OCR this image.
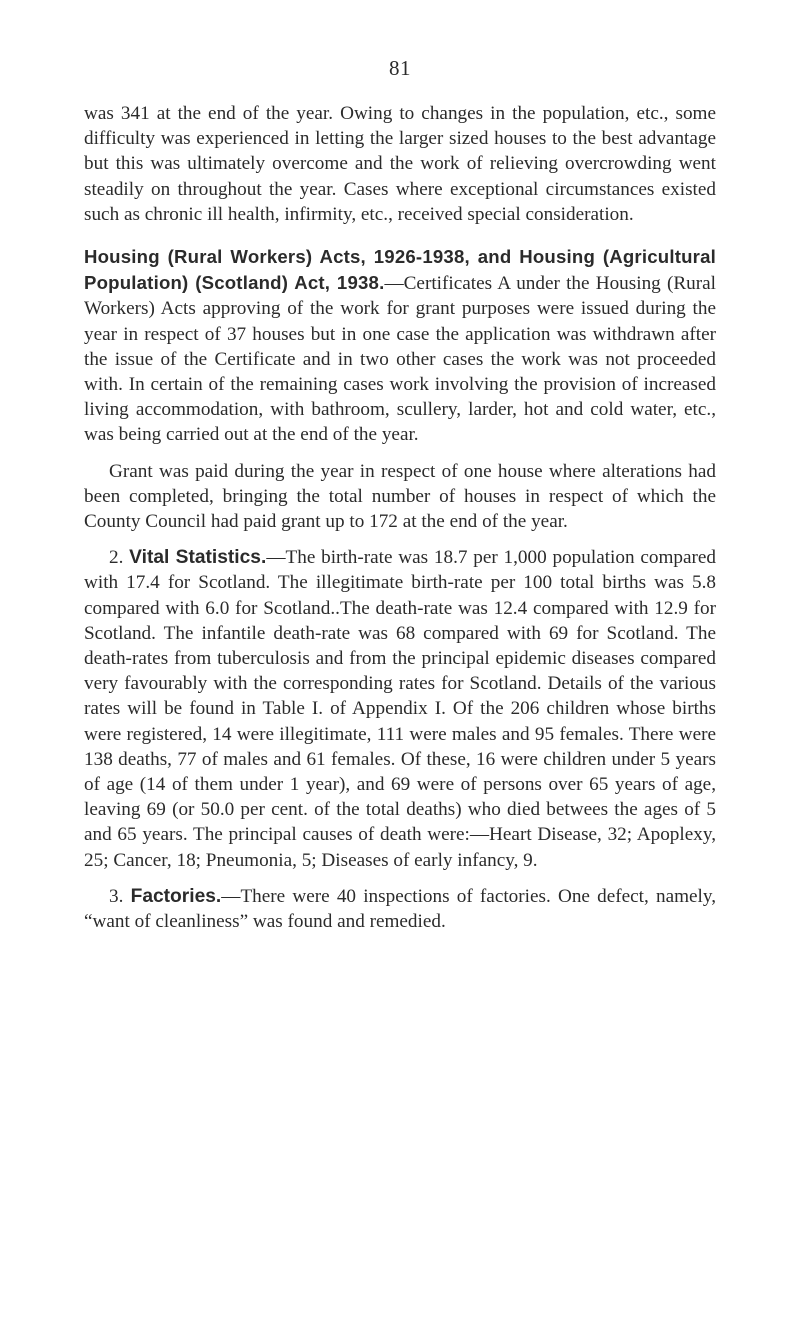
81

was 341 at the end of the year. Owing to changes in the population, etc., some difficulty was experienced in letting the larger sized houses to the best advantage but this was ultimately overcome and the work of relieving overcrowding went steadily on throughout the year. Cases where exceptional circumstances existed such as chronic ill health, infirmity, etc., received special consideration.

Housing (Rural Workers) Acts, 1926-1938, and Housing (Agricultural Population) (Scotland) Act, 1938.—Certificates A under the Housing (Rural Workers) Acts approving of the work for grant purposes were issued during the year in respect of 37 houses but in one case the application was withdrawn after the issue of the Certificate and in two other cases the work was not proceeded with. In certain of the remaining cases work involving the provision of increased living accommodation, with bathroom, scullery, larder, hot and cold water, etc., was being carried out at the end of the year.

Grant was paid during the year in respect of one house where alterations had been completed, bringing the total number of houses in respect of which the County Council had paid grant up to 172 at the end of the year.

2. Vital Statistics.—The birth-rate was 18.7 per 1,000 population compared with 17.4 for Scotland. The illegitimate birth-rate per 100 total births was 5.8 compared with 6.0 for Scotland..The death-rate was 12.4 compared with 12.9 for Scotland. The infantile death-rate was 68 compared with 69 for Scotland. The death-rates from tuberculosis and from the principal epidemic diseases compared very favourably with the corresponding rates for Scotland. Details of the various rates will be found in Table I. of Appendix I. Of the 206 children whose births were registered, 14 were illegitimate, 111 were males and 95 females. There were 138 deaths, 77 of males and 61 females. Of these, 16 were children under 5 years of age (14 of them under 1 year), and 69 were of persons over 65 years of age, leaving 69 (or 50.0 per cent. of the total deaths) who died betwees the ages of 5 and 65 years. The principal causes of death were:—Heart Disease, 32; Apoplexy, 25; Cancer, 18; Pneumonia, 5; Diseases of early infancy, 9.

3. Factories.—There were 40 inspections of factories. One defect, namely, “want of cleanliness” was found and remedied.
